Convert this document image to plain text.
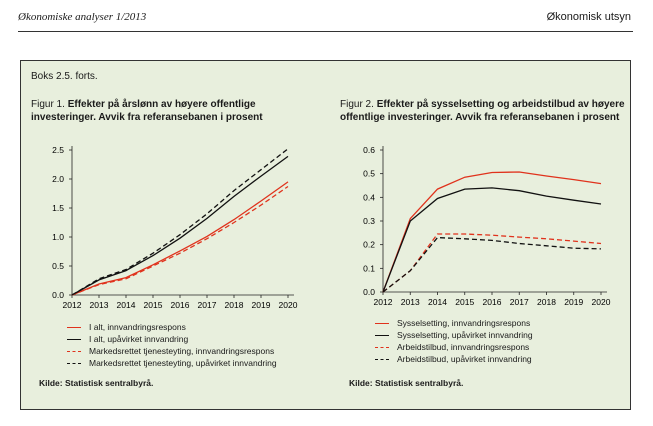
Økonomiske analyser 1/2013	Økonomisk utsyn
Boks 2.5. forts.
Figur 1. Effekter på årslønn av høyere offentlige investeringer. Avvik fra referansebanen i prosent
0.0
0.5
1.0
1.5
2.0
2.5
2012 2013 2014 2015 2016 2017 2018 2019 2020
0.0
0.1
0.2
0.3
0.4
0.5
0.6
2012 2013 2014 2015 2016 2017 2018 2019 2020
I alt, innvandringsrespons
I alt, upåvirket innvandring
Markedsrettet tjenesteyting, innvandringsrespons
Markedsrettet tjenesteyting, upåvirket innvandring
Kilde: Statistisk sentralbyrå.
Figur 2. Effekter på sysselsetting og arbeidstilbud av høyere offentlige investeringer. Avvik fra referansebanen i prosent
Sysselsetting, innvandringsrespons
Sysselsetting, upåvirket innvandring
Arbeidstilbud, innvandringsrespons
Arbeidstilbud, upåvirket innvandring
Kilde: Statistisk sentralbyrå.
